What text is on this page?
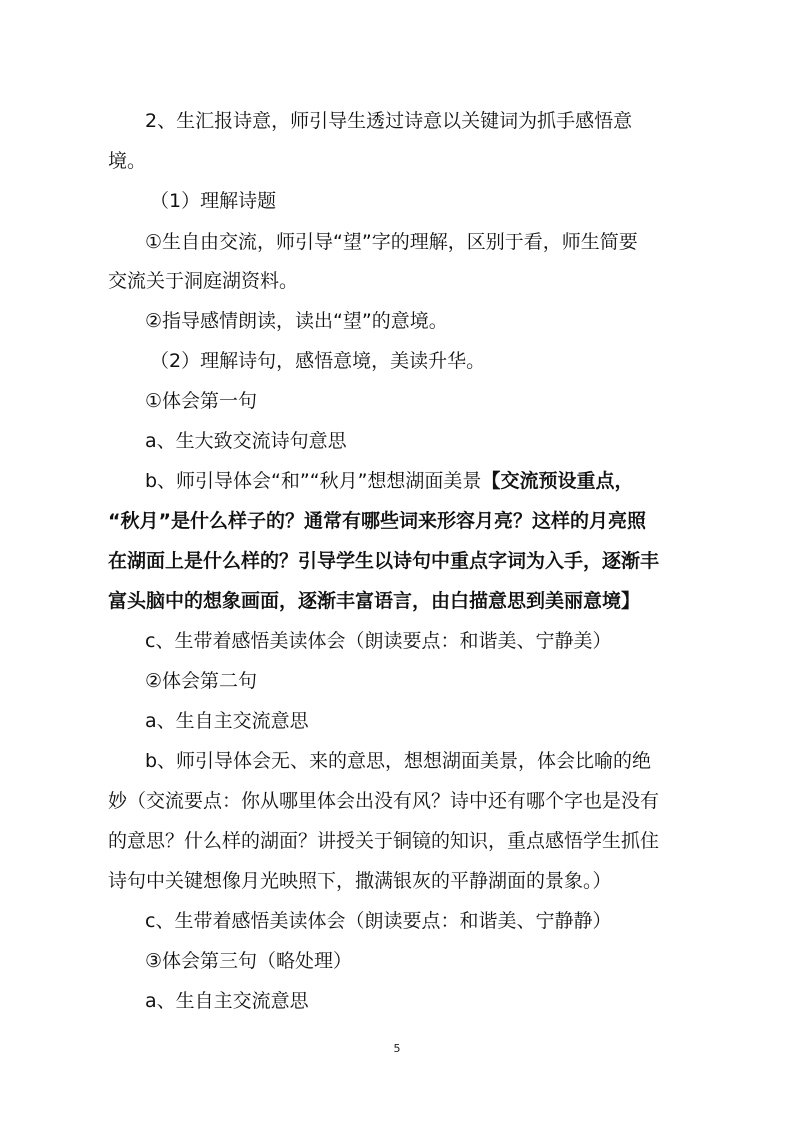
2、生汇报诗意，师引导生透过诗意以关键词为抓手感悟意
境。
（1）理解诗题
①生自由交流，师引导“望”字的理解，区别于看，师生简要
交流关于洞庭湖资料。
②指导感情朗读，读出“望”的意境。
（2）理解诗句，感悟意境，美读升华。
①体会第一句
a、生大致交流诗句意思
b、师引导体会“和”“秋月”想想湖面美景【交流预设重点，
“秋月”是什么样子的？通常有哪些词来形容月亮？这样的月亮照
在湖面上是什么样的？引导学生以诗句中重点字词为入手，逐渐丰
富头脑中的想象画面，逐渐丰富语言，由白描意思到美丽意境】
c、生带着感悟美读体会（朗读要点：和谐美、宁静美）
②体会第二句
a、生自主交流意思
b、师引导体会无、来的意思，想想湖面美景，体会比喻的绝
妙（交流要点：你从哪里体会出没有风？诗中还有哪个字也是没有
的意思？什么样的湖面？讲授关于铜镜的知识，重点感悟学生抓住
诗句中关键想像月光映照下，撒满银灰的平静湖面的景象。）
c、生带着感悟美读体会（朗读要点：和谐美、宁静静）
③体会第三句（略处理）
a、生自主交流意思
5
